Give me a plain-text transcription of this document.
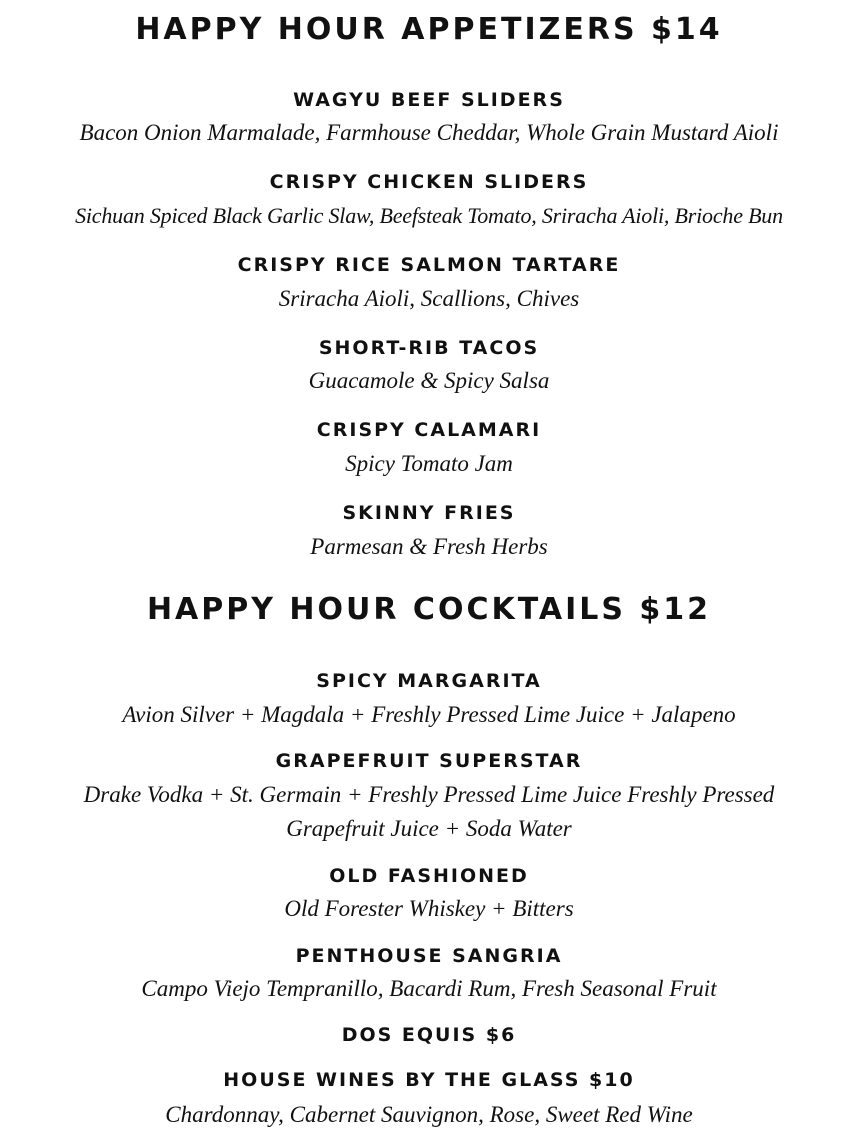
HAPPY HOUR APPETIZERS $14
WAGYU BEEF SLIDERS
Bacon Onion Marmalade, Farmhouse Cheddar, Whole Grain Mustard Aioli
CRISPY CHICKEN SLIDERS
Sichuan Spiced Black Garlic Slaw, Beefsteak Tomato, Sriracha Aioli, Brioche Bun
CRISPY RICE SALMON TARTARE
Sriracha Aioli, Scallions, Chives
SHORT-RIB TACOS
Guacamole & Spicy Salsa
CRISPY CALAMARI
Spicy Tomato Jam
SKINNY FRIES
Parmesan & Fresh Herbs
HAPPY HOUR COCKTAILS $12
SPICY MARGARITA
Avion Silver + Magdala + Freshly Pressed Lime Juice + Jalapeno
GRAPEFRUIT SUPERSTAR
Drake Vodka + St. Germain + Freshly Pressed Lime Juice Freshly Pressed
Grapefruit Juice + Soda Water
OLD FASHIONED
Old Forester Whiskey + Bitters
PENTHOUSE SANGRIA
Campo Viejo Tempranillo, Bacardi Rum, Fresh Seasonal Fruit
DOS EQUIS $6
HOUSE WINES BY THE GLASS $10
Chardonnay, Cabernet Sauvignon, Rose, Sweet Red Wine
